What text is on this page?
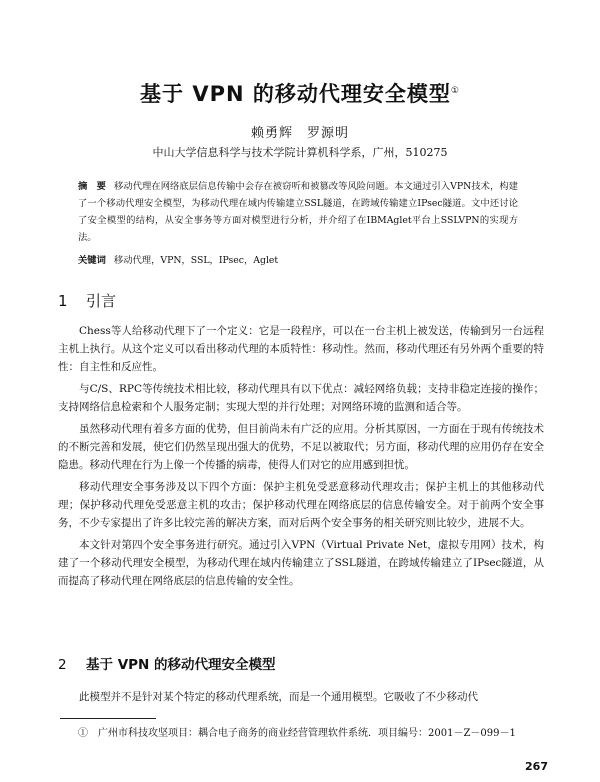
基于 VPN 的移动代理安全模型①
赖勇辉　罗源明
中山大学信息科学与技术学院计算机科学系，广州，510275
摘　要 移动代理在网络底层信息传输中会存在被窃听和被篡改等风险问题。本文通过引入VPN技术，构建了一个移动代理安全模型，为移动代理在域内传输建立SSL隧道，在跨域传输建立IPsec隧道。文中还讨论了安全模型的结构，从安全事务等方面对模型进行分析，并介绍了在IBMAglet平台上SSLVPN的实现方法。
关键词 移动代理，VPN，SSL，IPsec，Aglet
1 引言

Chess等人给移动代理下了一个定义：它是一段程序，可以在一台主机上被发送，传输到另一台远程主机上执行。从这个定义可以看出移动代理的本质特性：移动性。然而，移动代理还有另外两个重要的特性：自主性和反应性。

与C/S、RPC等传统技术相比较，移动代理具有以下优点：减轻网络负载；支持非稳定连接的操作；支持网络信息检索和个人服务定制；实现大型的并行处理；对网络环境的监测和适合等。

虽然移动代理有着多方面的优势，但目前尚未有广泛的应用。分析其原因，一方面在于现有传统技术的不断完善和发展，使它们仍然呈现出强大的优势，不足以被取代；另方面，移动代理的应用仍存在安全隐患。移动代理在行为上像一个传播的病毒，使得人们对它的应用感到担忧。

移动代理安全事务涉及以下四个方面：保护主机免受恶意移动代理攻击；保护主机上的其他移动代理；保护移动代理免受恶意主机的攻击；保护移动代理在网络底层的信息传输安全。对于前两个安全事务，不少专家提出了许多比较完善的解决方案，而对后两个安全事务的相关研究则比较少，进展不大。

本文针对第四个安全事务进行研究。通过引入VPN（Virtual Private Net，虚拟专用网）技术，构建了一个移动代理安全模型，为移动代理在域内传输建立了SSL隧道，在跨域传输建立了IPsec隧道，从而提高了移动代理在网络底层的信息传输的安全性。

2 基于 VPN 的移动代理安全模型
此模型并不是针对某个特定的移动代理系统，而是一个通用模型。它吸收了不少移动代
①　 广州市科技攻坚项目：耦合电子商务的商业经营管理软件系统．项目编号：2001－Z－099－1
267
